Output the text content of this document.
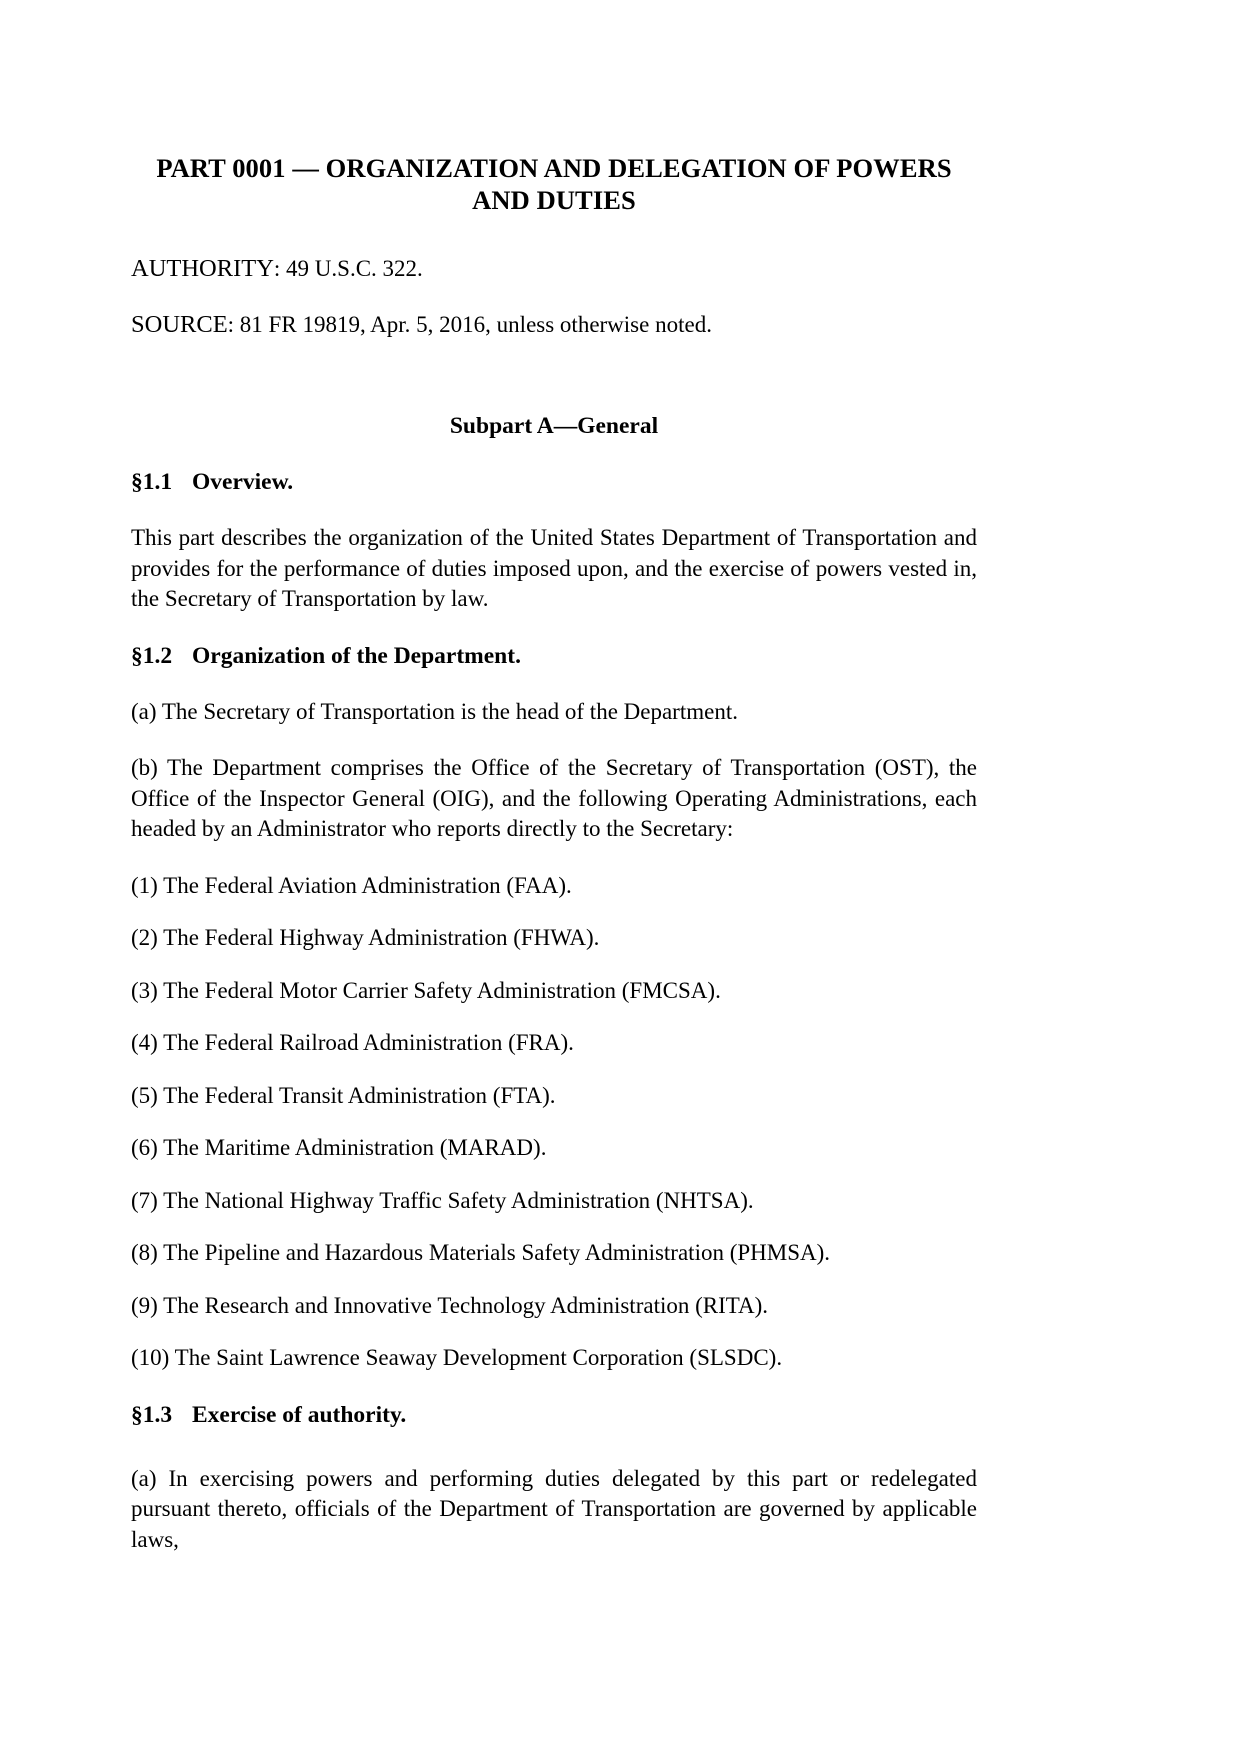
PART 0001 — ORGANIZATION AND DELEGATION OF POWERS
AND DUTIES

AUTHORITY: 49 U.S.C. 322.

SOURCE: 81 FR 19819, Apr. 5, 2016, unless otherwise noted.

Subpart A—General
§1.1 Overview.

This part describes the organization of the United States Department of Transportation and provides for the performance of duties imposed upon, and the exercise of powers vested in, the Secretary of Transportation by law.

§1.2 Organization of the Department.

(a) The Secretary of Transportation is the head of the Department.

(b) The Department comprises the Office of the Secretary of Transportation (OST), the Office of the Inspector General (OIG), and the following Operating Administrations, each headed by an Administrator who reports directly to the Secretary:

(1) The Federal Aviation Administration (FAA).

(2) The Federal Highway Administration (FHWA).

(3) The Federal Motor Carrier Safety Administration (FMCSA).

(4) The Federal Railroad Administration (FRA).

(5) The Federal Transit Administration (FTA).

(6) The Maritime Administration (MARAD).

(7) The National Highway Traffic Safety Administration (NHTSA).

(8) The Pipeline and Hazardous Materials Safety Administration (PHMSA).

(9) The Research and Innovative Technology Administration (RITA).

(10) The Saint Lawrence Seaway Development Corporation (SLSDC).

§1.3 Exercise of authority.

(a) In exercising powers and performing duties delegated by this part or redelegated pursuant thereto, officials of the Department of Transportation are governed by applicable laws,
